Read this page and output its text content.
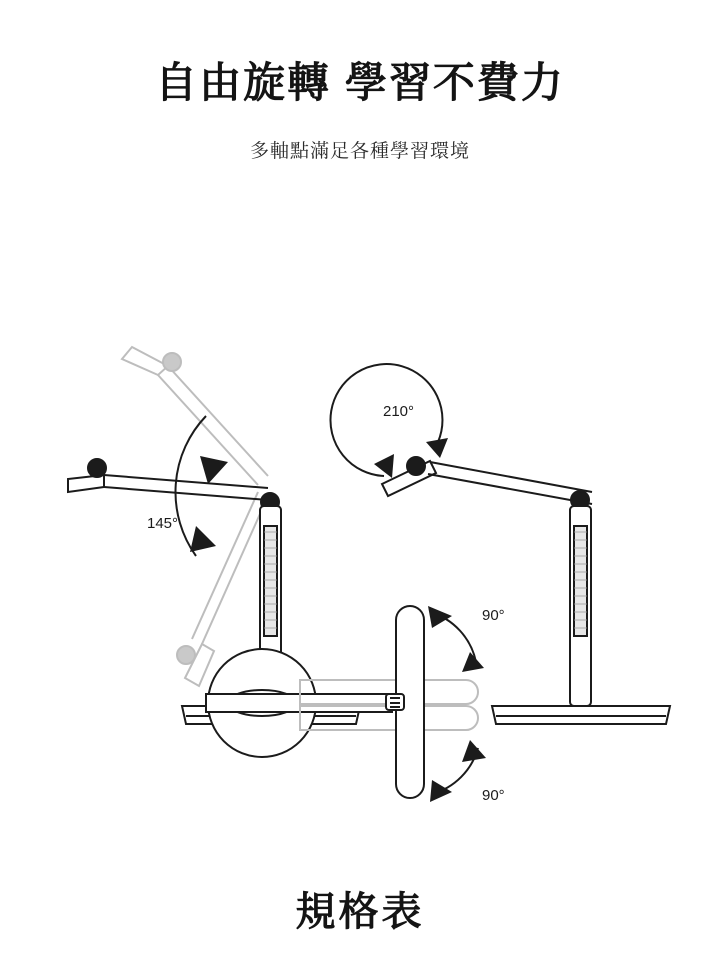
自由旋轉 學習不費力
多軸點滿足各種學習環境
145°
210°
90°
90°
規格表
